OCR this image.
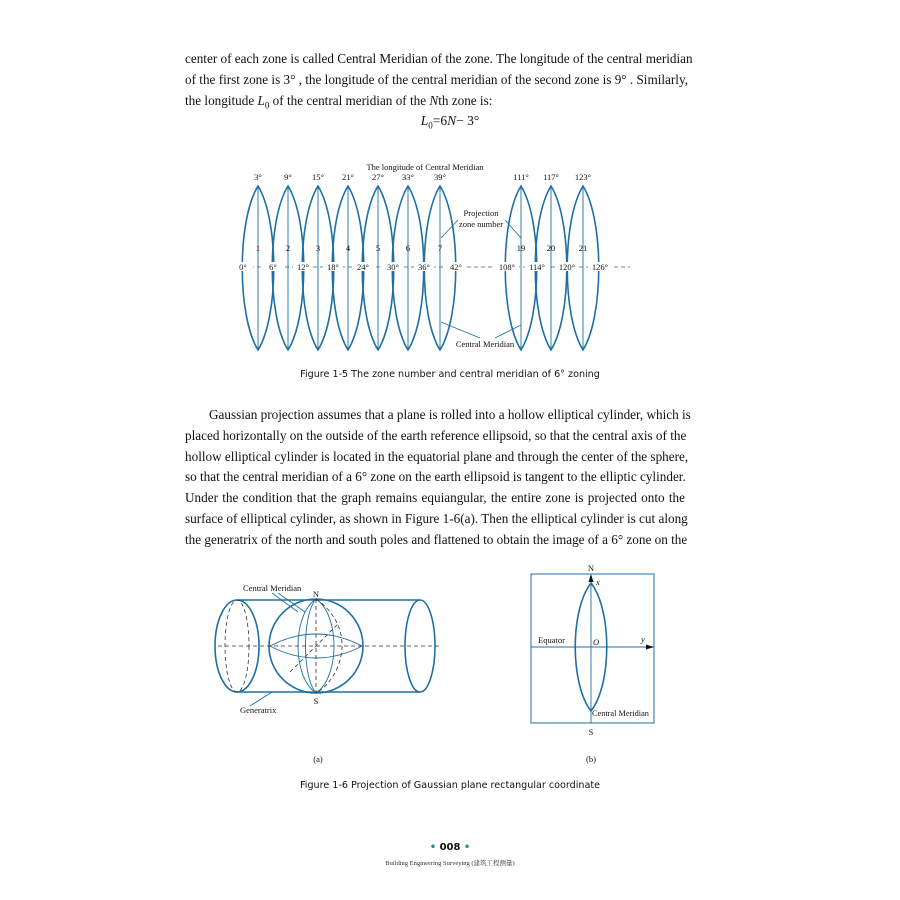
center of each zone is called Central Meridian of the zone. The longitude of the central meridian
of the first zone is 3° , the longitude of the central meridian of the second zone is 9° . Similarly,
the longitude $L_0$ of the central meridian of the Nth zone is:
$L_0=6N- 3^\circ$
The longitude of Central Meridian
3°	9° 15° 21° 27° 33° 39°	111° 117° 123°
1	2	3	4	5	6	7	19	20	21
0°	6° 12° 18° 24° 30° 36° 42°	108° 114° 120° 126°
Projection
zone number
Central Meridian
Figure 1-5 The zone number and central meridian of 6° zoning
Gaussian projection assumes that a plane is rolled into a hollow elliptical cylinder, which is
placed horizontally on the outside of the earth reference ellipsoid, so that the central axis of the
hollow elliptical cylinder is located in the equatorial plane and through the center of the sphere,
so that the central meridian of a 6° zone on the earth ellipsoid is tangent to the elliptic cylinder.
Under the condition that the graph remains equiangular, the entire zone is projected onto the
surface of elliptical cylinder, as shown in Figure 1-6(a). Then the elliptical cylinder is cut along
the generatrix of the north and south poles and flattened to obtain the image of a 6° zone on the
Central Meridian
N
S
Generatrix
(a)
N
x
Equator	O	y
Central Meridian
S
(b)
Figure 1-6 Projection of Gaussian plane rectangular coordinate
• 008 •
Building Engineering Surveying (建筑工程测量)
